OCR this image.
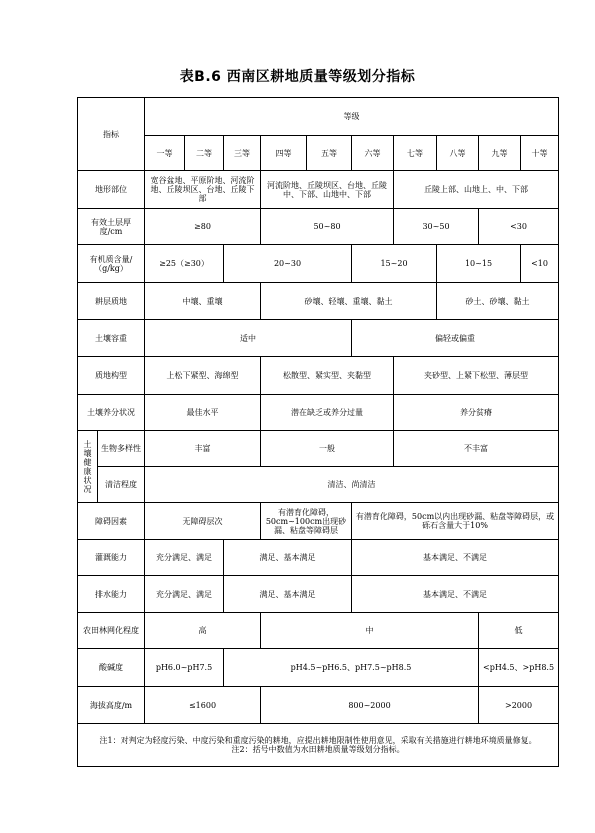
表B.6 西南区耕地质量等级划分指标
指标		等级									
		一等	二等	三等	四等	五等	六等	七等	八等	九等	十等
地形部位		宽谷盆地、平原阶地、河流阶地、丘陵坝区、台地、丘陵下部			河流阶地、丘陵坝区、台地、丘陵中、下部、山地中、下部			丘陵上部、山地上、中、下部			
有效土层厚度/cm		≥80			50~80			30~50		<30	
有机质含量/（g/kg）		≥25（≥30）		20~30			15~20		10~15		<10
耕层质地		中壤、重壤			砂壤、轻壤、重壤、黏土				砂土、砂壤、黏土		
土壤容重		适中					偏轻或偏重				
质地构型		上松下紧型、海绵型			松散型、紧实型、夹黏型			夹砂型、上紧下松型、薄层型			
土壤养分状况		最佳水平			潜在缺乏或养分过量			养分贫瘠			
土壤健康状况	生物多样性	丰富			一般			不丰富			
	清洁程度	清洁、尚清洁									
障碍因素		无障碍层次			有潜育化障碍，50cm~100cm出现砂漏、粘盘等障碍层		有潜育化障碍，50cm以内出现砂漏、粘盘等障碍层，或砾石含量大于10%				
灌溉能力		充分满足、满足		满足、基本满足			基本满足、不满足				
排水能力		充分满足、满足		满足、基本满足			基本满足、不满足				
农田林网化程度		高			中					低	
酸碱度		pH6.0~pH7.5		pH4.5~pH6.5、pH7.5~pH8.5						<pH4.5、>pH8.5	
海拔高度/m		≤1600			800~2000					>2000	

注1：对判定为轻度污染、中度污染和重度污染的耕地，应提出耕地限制性使用意见，采取有关措施进行耕地环境质量修复。
注2：括号中数值为水田耕地质量等级划分指标。											
